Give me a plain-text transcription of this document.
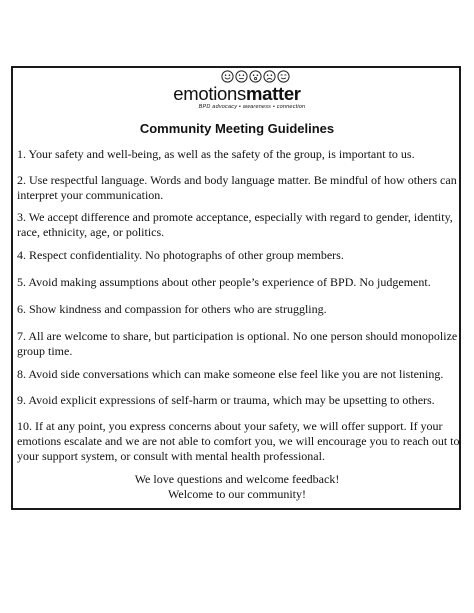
emotionsmatter
BPD advocacy • awareness • connection
Community Meeting Guidelines

1. Your safety and well-being, as well as the safety of the group, is important to us.

2. Use respectful language. Words and body language matter. Be mindful of how others can interpret your communication.

3. We accept difference and promote acceptance, especially with regard to gender, identity, race, ethnicity, age, or politics.

4. Respect confidentiality. No photographs of other group members.

5. Avoid making assumptions about other people’s experience of BPD. No judgement.

6. Show kindness and compassion for others who are struggling.

7. All are welcome to share, but participation is optional. No one person should monopolize group time.

8. Avoid side conversations which can make someone else feel like you are not listening.

9. Avoid explicit expressions of self-harm or trauma, which may be upsetting to others.

10. If at any point, you express concerns about your safety, we will offer support. If your emotions escalate and we are not able to comfort you, we will encourage you to reach out to your support system, or consult with mental health professional.

We love questions and welcome feedback!
Welcome to our community!
